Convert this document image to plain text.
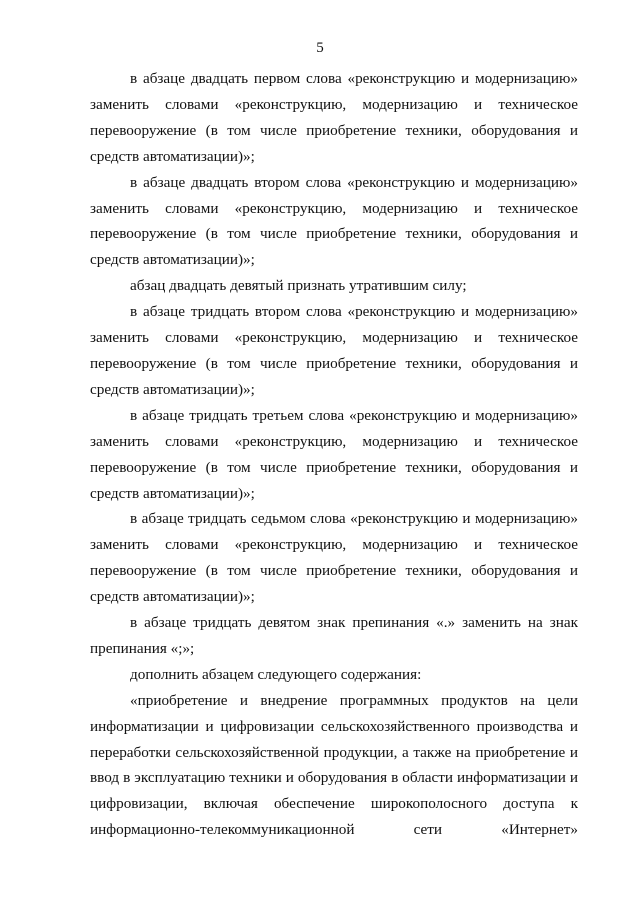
5

в абзаце двадцать первом слова «реконструкцию и модернизацию» заменить словами «реконструкцию, модернизацию и техническое перевооружение (в том числе приобретение техники, оборудования и средств автоматизации)»;

в абзаце двадцать втором слова «реконструкцию и модернизацию» заменить словами «реконструкцию, модернизацию и техническое перевооружение (в том числе приобретение техники, оборудования и средств автоматизации)»;

абзац двадцать девятый признать утратившим силу;

в абзаце тридцать втором слова «реконструкцию и модернизацию» заменить словами «реконструкцию, модернизацию и техническое перевооружение (в том числе приобретение техники, оборудования и средств автоматизации)»;

в абзаце тридцать третьем слова «реконструкцию и модернизацию» заменить словами «реконструкцию, модернизацию и техническое перевооружение (в том числе приобретение техники, оборудования и средств автоматизации)»;

в абзаце тридцать седьмом слова «реконструкцию и модернизацию» заменить словами «реконструкцию, модернизацию и техническое перевооружение (в том числе приобретение техники, оборудования и средств автоматизации)»;

в абзаце тридцать девятом знак препинания «.» заменить на знак препинания «;»;

дополнить абзацем следующего содержания:

«приобретение и внедрение программных продуктов на цели информатизации и цифровизации сельскохозяйственного производства и переработки сельскохозяйственной продукции, а также на приобретение и ввод в эксплуатацию техники и оборудования в области информатизации и цифровизации, включая обеспечение широкополосного доступа к информационно-телекоммуникационной сети «Интернет»
